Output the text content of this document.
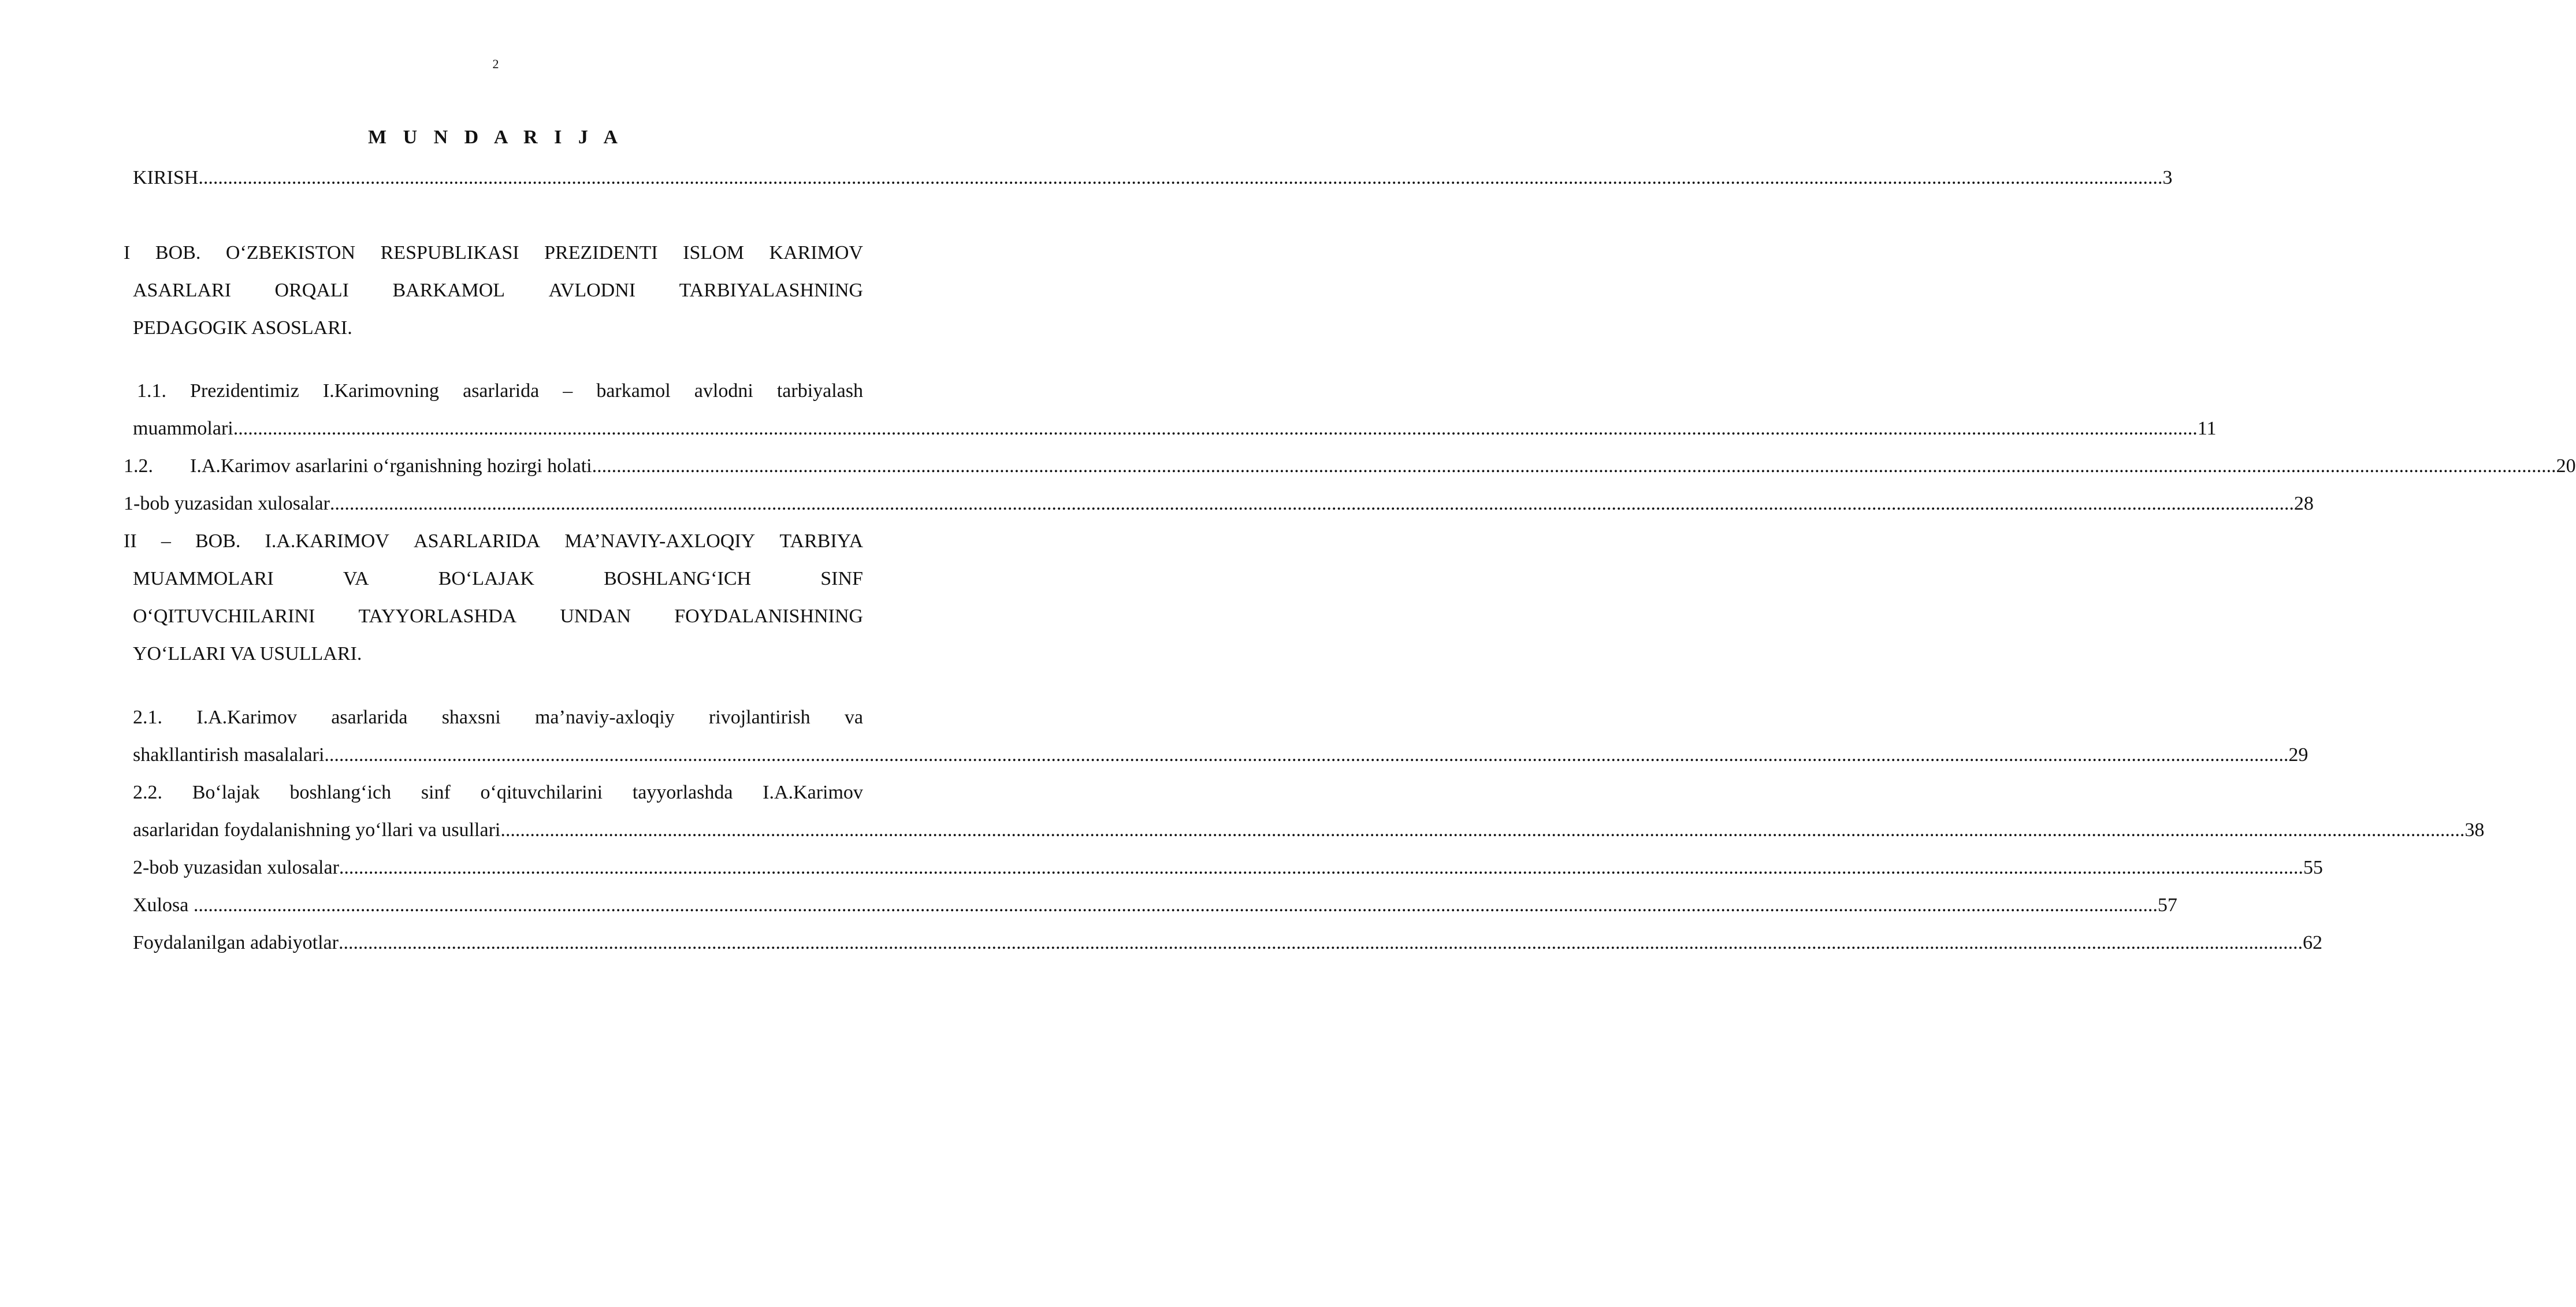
2
M U N D A R I J A
KIRISH ................................................................................................................................................................................................................................................................................................................................................................................................................ 3
I BOB. O‘ZBEKISTON RESPUBLIKASI PREZIDENTI ISLOM KARIMOV
ASARLARI ORQALI BARKAMOL AVLODNI TARBIYALASHNING
PEDAGOGIK ASOSLARI.
1.1. Prezidentimiz I.Karimovning asarlarida – barkamol avlodni tarbiyalash
muammolari ................................................................................................................................................................................................................................................................................................................................................................................................................ 11
1.2.	I.A.Karimov asarlarini o‘rganishning hozirgi holati ................................................................................................................................................................................................................................................................................................................................................................................................................ 20
1-bob yuzasidan xulosalar ................................................................................................................................................................................................................................................................................................................................................................................................................ 28
II – BOB. I.A.KARIMOV ASARLARIDA MA’NAVIY-AXLOQIY TARBIYA
MUAMMOLARI	VA	BO‘LAJAK	BOSHLANG‘ICH	SINF
O‘QITUVCHILARINI TAYYORLASHDA UNDAN FOYDALANISHNING
YO‘LLARI VA USULLARI.
2.1. I.A.Karimov asarlarida shaxsni ma’naviy-axloqiy rivojlantirish va
shakllantirish masalalari ................................................................................................................................................................................................................................................................................................................................................................................................................ 29
2.2. Bo‘lajak boshlang‘ich sinf o‘qituvchilarini tayyorlashda I.A.Karimov
asarlaridan foydalanishning yo‘llari va usullari ................................................................................................................................................................................................................................................................................................................................................................................................................ 38
2-bob yuzasidan xulosalar ................................................................................................................................................................................................................................................................................................................................................................................................................ 55
Xulosa ................................................................................................................................................................................................................................................................................................................................................................................................................ 57
Foydalanilgan adabiyotlar ................................................................................................................................................................................................................................................................................................................................................................................................................ 62
